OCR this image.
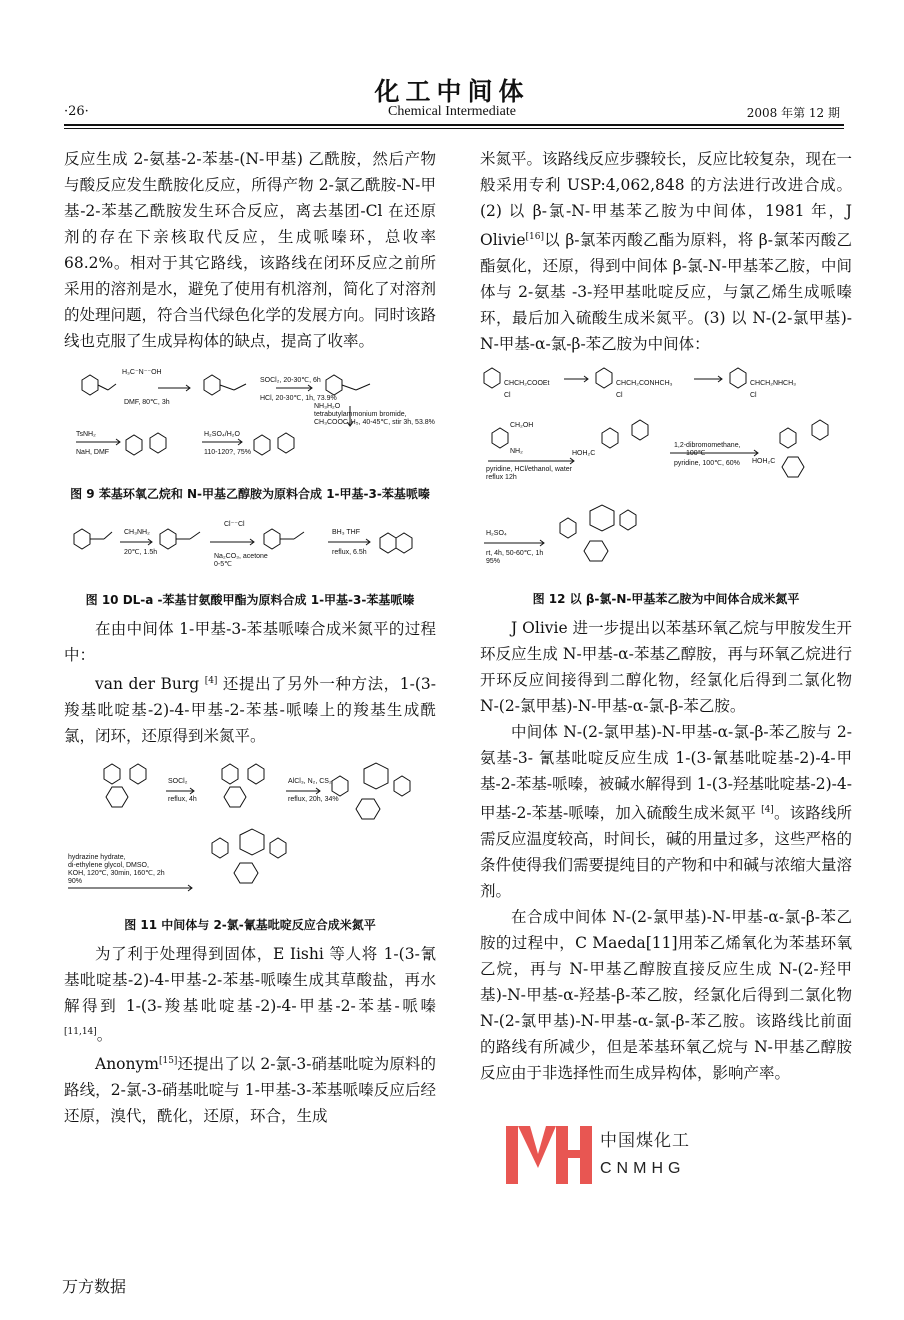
化工中间体
·26·	Chemical Intermediate	2008 年第 12 期

反应生成 2-氨基-2-苯基-(N-甲基) 乙酰胺，然后产物与酸反应发生酰胺化反应，所得产物 2-氯乙酰胺-N-甲基-2-苯基乙酰胺发生环合反应，离去基团-Cl 在还原剂的存在下亲核取代反应，生成哌嗪环，总收率 68.2%。相对于其它路线，该路线在闭环反应之前所采用的溶剂是水，避免了使用有机溶剂，简化了对溶剂的处理问题，符合当代绿色化学的发展方向。同时该路线也克服了生成异构体的缺点，提高了收率。

H₃C⁻N⁻⁻OH
DMF, 80℃, 3h
SOCl₂, 20-30℃, 6h
HCl, 20-30℃, 1h, 73.9%
NH₃H₂O
tetrabutylammonium bromide,
CH₃COOC₂H₅, 40-45℃, stir 3h, 53.8%
TsNH₂
NaH, DMF
H₂SO₄/H₂O
110-120?, 75%
图 9 苯基环氧乙烷和 N-甲基乙醇胺为原料合成 1-甲基-3-苯基哌嗪
CH₃NH₂
20℃, 1.5h
Cl⁻⁻Cl
Na₂CO₃, acetone
0-5℃
BH₃ THF
reflux, 6.5h
图 10 DL-a -苯基甘氨酸甲酯为原料合成 1-甲基-3-苯基哌嗪

在由中间体 1-甲基-3-苯基哌嗪合成米氮平的过程中：

van der Burg [4] 还提出了另外一种方法，1-(3-羧基吡啶基-2)-4-甲基-2-苯基-哌嗪上的羧基生成酰氯，闭环，还原得到米氮平。

SOCl₂
reflux, 4h
AlCl₃, N₂, CS₂
reflux, 20h, 34%
hydrazine hydrate,
di-ethylene glycol, DMSO,
KOH, 120℃, 30min, 160℃, 2h
90%
图 11 中间体与 2-氯-氰基吡啶反应合成米氮平

为了利于处理得到固体，E Iishi 等人将 1-(3-氰基吡啶基-2)-4-甲基-2-苯基-哌嗪生成其草酸盐，再水解得到 1-(3-羧基吡啶基-2)-4-甲基-2-苯基-哌嗪[11,14]。

Anonym[15]还提出了以 2-氯-3-硝基吡啶为原料的路线，2-氯-3-硝基吡啶与 1-甲基-3-苯基哌嗪反应后经还原，溴代，酰化，还原，环合，生成

米氮平。该路线反应步骤较长，反应比较复杂，现在一般采用专利 USP:4,062,848 的方法进行改进合成。(2) 以 β-氯-N-甲基苯乙胺为中间体，1981 年，J Olivie[16]以 β-氯苯丙酸乙酯为原料，将 β-氯苯丙酸乙酯氨化，还原，得到中间体 β-氯-N-甲基苯乙胺，中间体与 2-氨基 -3-羟甲基吡啶反应，与氯乙烯生成哌嗪环，最后加入硫酸生成米氮平。(3) 以 N-(2-氯甲基)-N-甲基-α-氯-β-苯乙胺为中间体：

CHCH₂COOEt
Cl
CHCH₂CONHCH₃
Cl
CHCH₂NHCH₃
Cl
CH₂OH
NH₂
pyridine, HCl/ethanol, water
reflux 12h
HOH₂C
1,2-dibromomethane,
100℃
pyridine, 100℃, 60% HOH₂C
H₂SO₄
rt, 4h, 50-60℃, 1h
95%
图 12 以 β-氯-N-甲基苯乙胺为中间体合成米氮平

J Olivie 进一步提出以苯基环氧乙烷与甲胺发生开环反应生成 N-甲基-α-苯基乙醇胺，再与环氧乙烷进行开环反应间接得到二醇化物，经氯化后得到二氯化物 N-(2-氯甲基)-N-甲基-α-氯-β-苯乙胺。

中间体 N-(2-氯甲基)-N-甲基-α-氯-β-苯乙胺与 2-氨基-3- 氰基吡啶反应生成 1-(3-氰基吡啶基-2)-4-甲基-2-苯基-哌嗪，被碱水解得到 1-(3-羟基吡啶基-2)-4-甲基-2-苯基-哌嗪，加入硫酸生成米氮平 [4]。该路线所需反应温度较高，时间长，碱的用量过多，这些严格的条件使得我们需要提纯目的产物和中和碱与浓缩大量溶剂。

在合成中间体 N-(2-氯甲基)-N-甲基-α-氯-β-苯乙胺的过程中，C Maeda[11]用苯乙烯氧化为苯基环氧乙烷，再与 N-甲基乙醇胺直接反应生成 N-(2-羟甲基)-N-甲基-α-羟基-β-苯乙胺，经氯化后得到二氯化物 N-(2-氯甲基)-N-甲基-α-氯-β-苯乙胺。该路线比前面的路线有所减少，但是苯基环氧乙烷与 N-甲基乙醇胺反应由于非选择性而生成异构体，影响产率。

中国煤化工
CNMHG
万方数据
